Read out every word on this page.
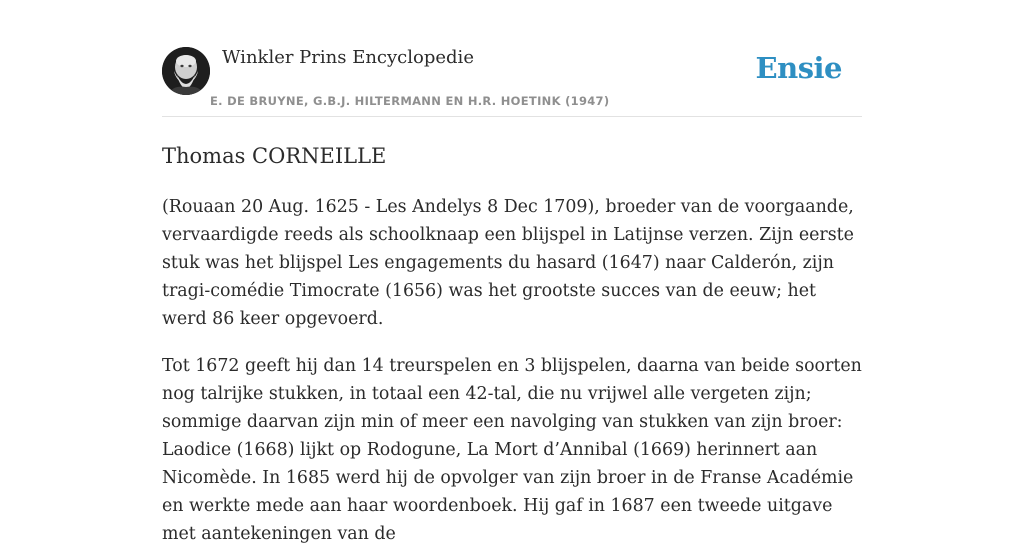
Winkler Prins Encyclopedie
E. DE BRUYNE, G.B.J. HILTERMANN EN H.R. HOETINK (1947)
Ensie
Thomas CORNEILLE

(Rouaan 20 Aug. 1625 - Les Andelys 8 Dec 1709), broeder van de voorgaande, vervaardigde reeds als schoolknaap een blijspel in Latijnse verzen. Zijn eerste stuk was het blijspel Les engagements du hasard (1647) naar Calderón, zijn tragi-comédie Timocrate (1656) was het grootste succes van de eeuw; het werd 86 keer opgevoerd.

Tot 1672 geeft hij dan 14 treurspelen en 3 blijspelen, daarna van beide soorten nog talrijke stukken, in totaal een 42-tal, die nu vrijwel alle vergeten zijn; sommige daarvan zijn min of meer een navolging van stukken van zijn broer: Laodice (1668) lijkt op Rodogune, La Mort d’Annibal (1669) herinnert aan Nicomède. In 1685 werd hij de opvolger van zijn broer in de Franse Académie en werkte mede aan haar woordenboek. Hij gaf in 1687 een tweede uitgave met aantekeningen van de
